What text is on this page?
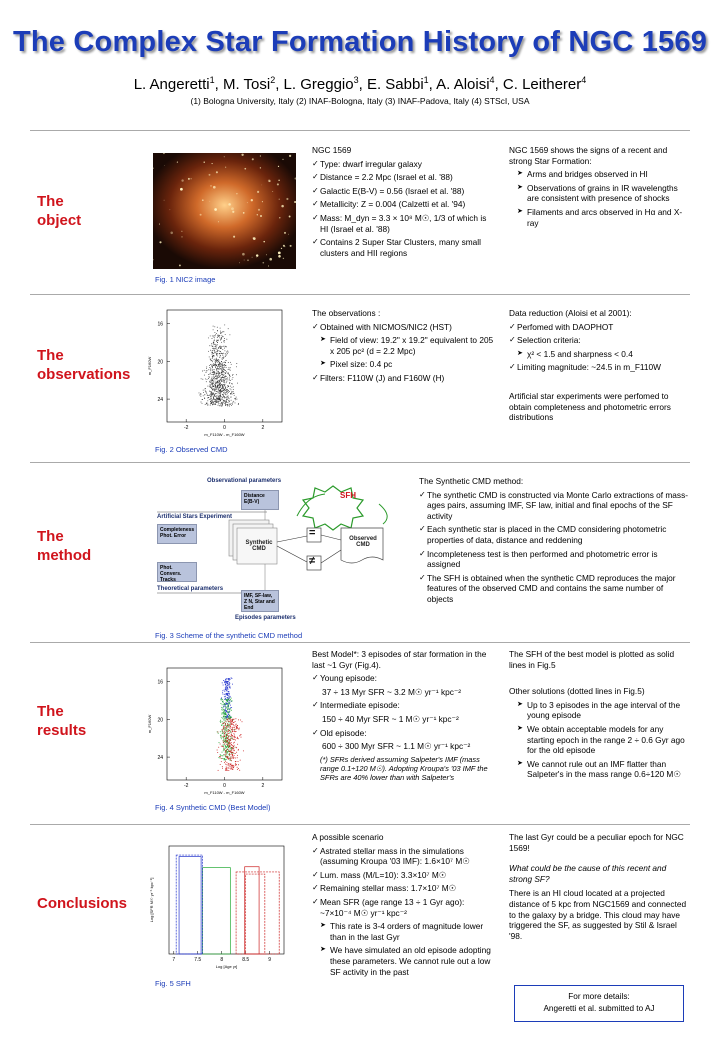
The Complex Star Formation History of NGC 1569
L. Angeretti$^1$, M. Tosi$^2$, L. Greggio$^3$, E. Sabbi$^1$, A. Aloisi$^4$, C. Leitherer$^4$
(1) Bologna University, Italy (2) INAF-Bologna, Italy (3) INAF-Padova, Italy (4) STScI, USA
The
object
Fig. 1 NIC2 image

NGC 1569

✓ Type: dwarf irregular galaxy
✓ Distance = 2.2 Mpc (Israel et al. '88)
✓ Galactic E(B-V) = 0.56 (Israel et al. '88)
✓ Metallicity: Z = 0.004 (Calzetti et al. '94)
✓ Mass: M_dyn = 3.3 × 10⁸ M☉, 1/3 of which is HI (Israel et al. '88)
✓ Contains 2 Super Star Clusters, many small clusters and HII regions

NGC 1569 shows the signs of a recent and strong Star Formation:

➤ Arms and bridges observed in HI
➤ Observations of grains in IR wavelengths are consistent with presence of shocks
➤ Filaments and arcs observed in Hα and X-ray
The
observations
16
20
24
-2	0	2
m_F160W
m_F110W - m_F160W
Fig. 2 Observed CMD

The observations :

✓ Obtained with NICMOS/NIC2 (HST)
➤ Field of view: 19.2" x 19.2" equivalent to 205 x 205 pc² (d = 2.2 Mpc)
➤ Pixel size: 0.4 pc
✓ Filters: F110W (J) and F160W (H)

Data reduction (Aloisi et al 2001):

✓ Perfomed with DAOPHOT
✓ Selection criteria:
➤ χ² < 1.5 and sharpness < 0.4
✓ Limiting magnitude: ~24.5 in m_F110W

Artificial star experiments were perfomed to obtain completeness and photometric errors distributions

The
method
Observational parameters
Distance E(B-V)
Artificial Stars Experiment
Completeness Phot. Error
Synthetic CMD
Phot. Convers. Tracks
Theoretical parameters
IMF, SF-law, Z N, Star and End
Episodes parameters
SFH
=
≠
Observed CMD
Fig. 3 Scheme of the synthetic CMD method

The Synthetic CMD method:

✓ The synthetic CMD is constructed via Monte Carlo extractions of mass-ages pairs, assuming IMF, SF law, initial and final epochs of the SF activity
✓ Each synthetic star is placed in the CMD considering photometric properties of data, distance and reddening
✓ Incompleteness test is then performed and photometric error is assigned
✓ The SFH is obtained when the synthetic CMD reproduces the major features of the observed CMD and contains the same number of objects
The
results
16
20
24
-2	0	2
m_F160W
m_F110W - m_F160W
Fig. 4 Synthetic CMD (Best Model)

Best Model*: 3 episodes of star formation in the last ~1 Gyr (Fig.4).

✓ Young episode:
37 ÷ 13 Myr SFR ~ 3.2 M☉ yr⁻¹ kpc⁻²
✓ Intermediate episode:
150 ÷ 40 Myr SFR ~ 1 M☉ yr⁻¹ kpc⁻²
✓ Old episode:
600 ÷ 300 Myr SFR ~ 1.1 M☉ yr⁻¹ kpc⁻²
(*) SFRs derived assuming Salpeter's IMF (mass range 0.1÷120 M☉). Adopting Kroupa's '03 IMF the SFRs are 40% lower than with Salpeter's

The SFH of the best model is plotted as solid lines in Fig.5

Other solutions (dotted lines in Fig.5)

➤ Up to 3 episodes in the age interval of the young episode
➤ We obtain acceptable models for any starting epoch in the range 2 ÷ 0.6 Gyr ago for the old episode
➤ We cannot rule out an IMF flatter than Salpeter's in the mass range 0.6÷120 M☉
Conclusions
7	7.5	8	8.5	9
Log [Age yr]
Log [SFR M☉ yr⁻¹ kpc⁻²]
Fig. 5 SFH

A possible scenario

✓ Astrated stellar mass in the simulations (assuming Kroupa '03 IMF): 1.6×10⁷ M☉
✓ Lum. mass (M/L=10): 3.3×10⁷ M☉
✓ Remaining stellar mass: 1.7×10⁷ M☉
✓ Mean SFR (age range 13 ÷ 1 Gyr ago): ~7×10⁻⁴ M☉ yr⁻¹ kpc⁻²
➤ This rate is 3-4 orders of magnitude lower than in the last Gyr
➤ We have simulated an old episode adopting these parameters. We cannot rule out a low SF activity in the past

The last Gyr could be a peculiar epoch for NGC 1569!

What could be the cause of this recent and strong SF?

There is an HI cloud located at a projected distance of 5 kpc from NGC1569 and connected to the galaxy by a bridge. This cloud may have triggered the SF, as suggested by Stil & Israel '98.

For more details:
Angeretti et al. submitted to AJ
